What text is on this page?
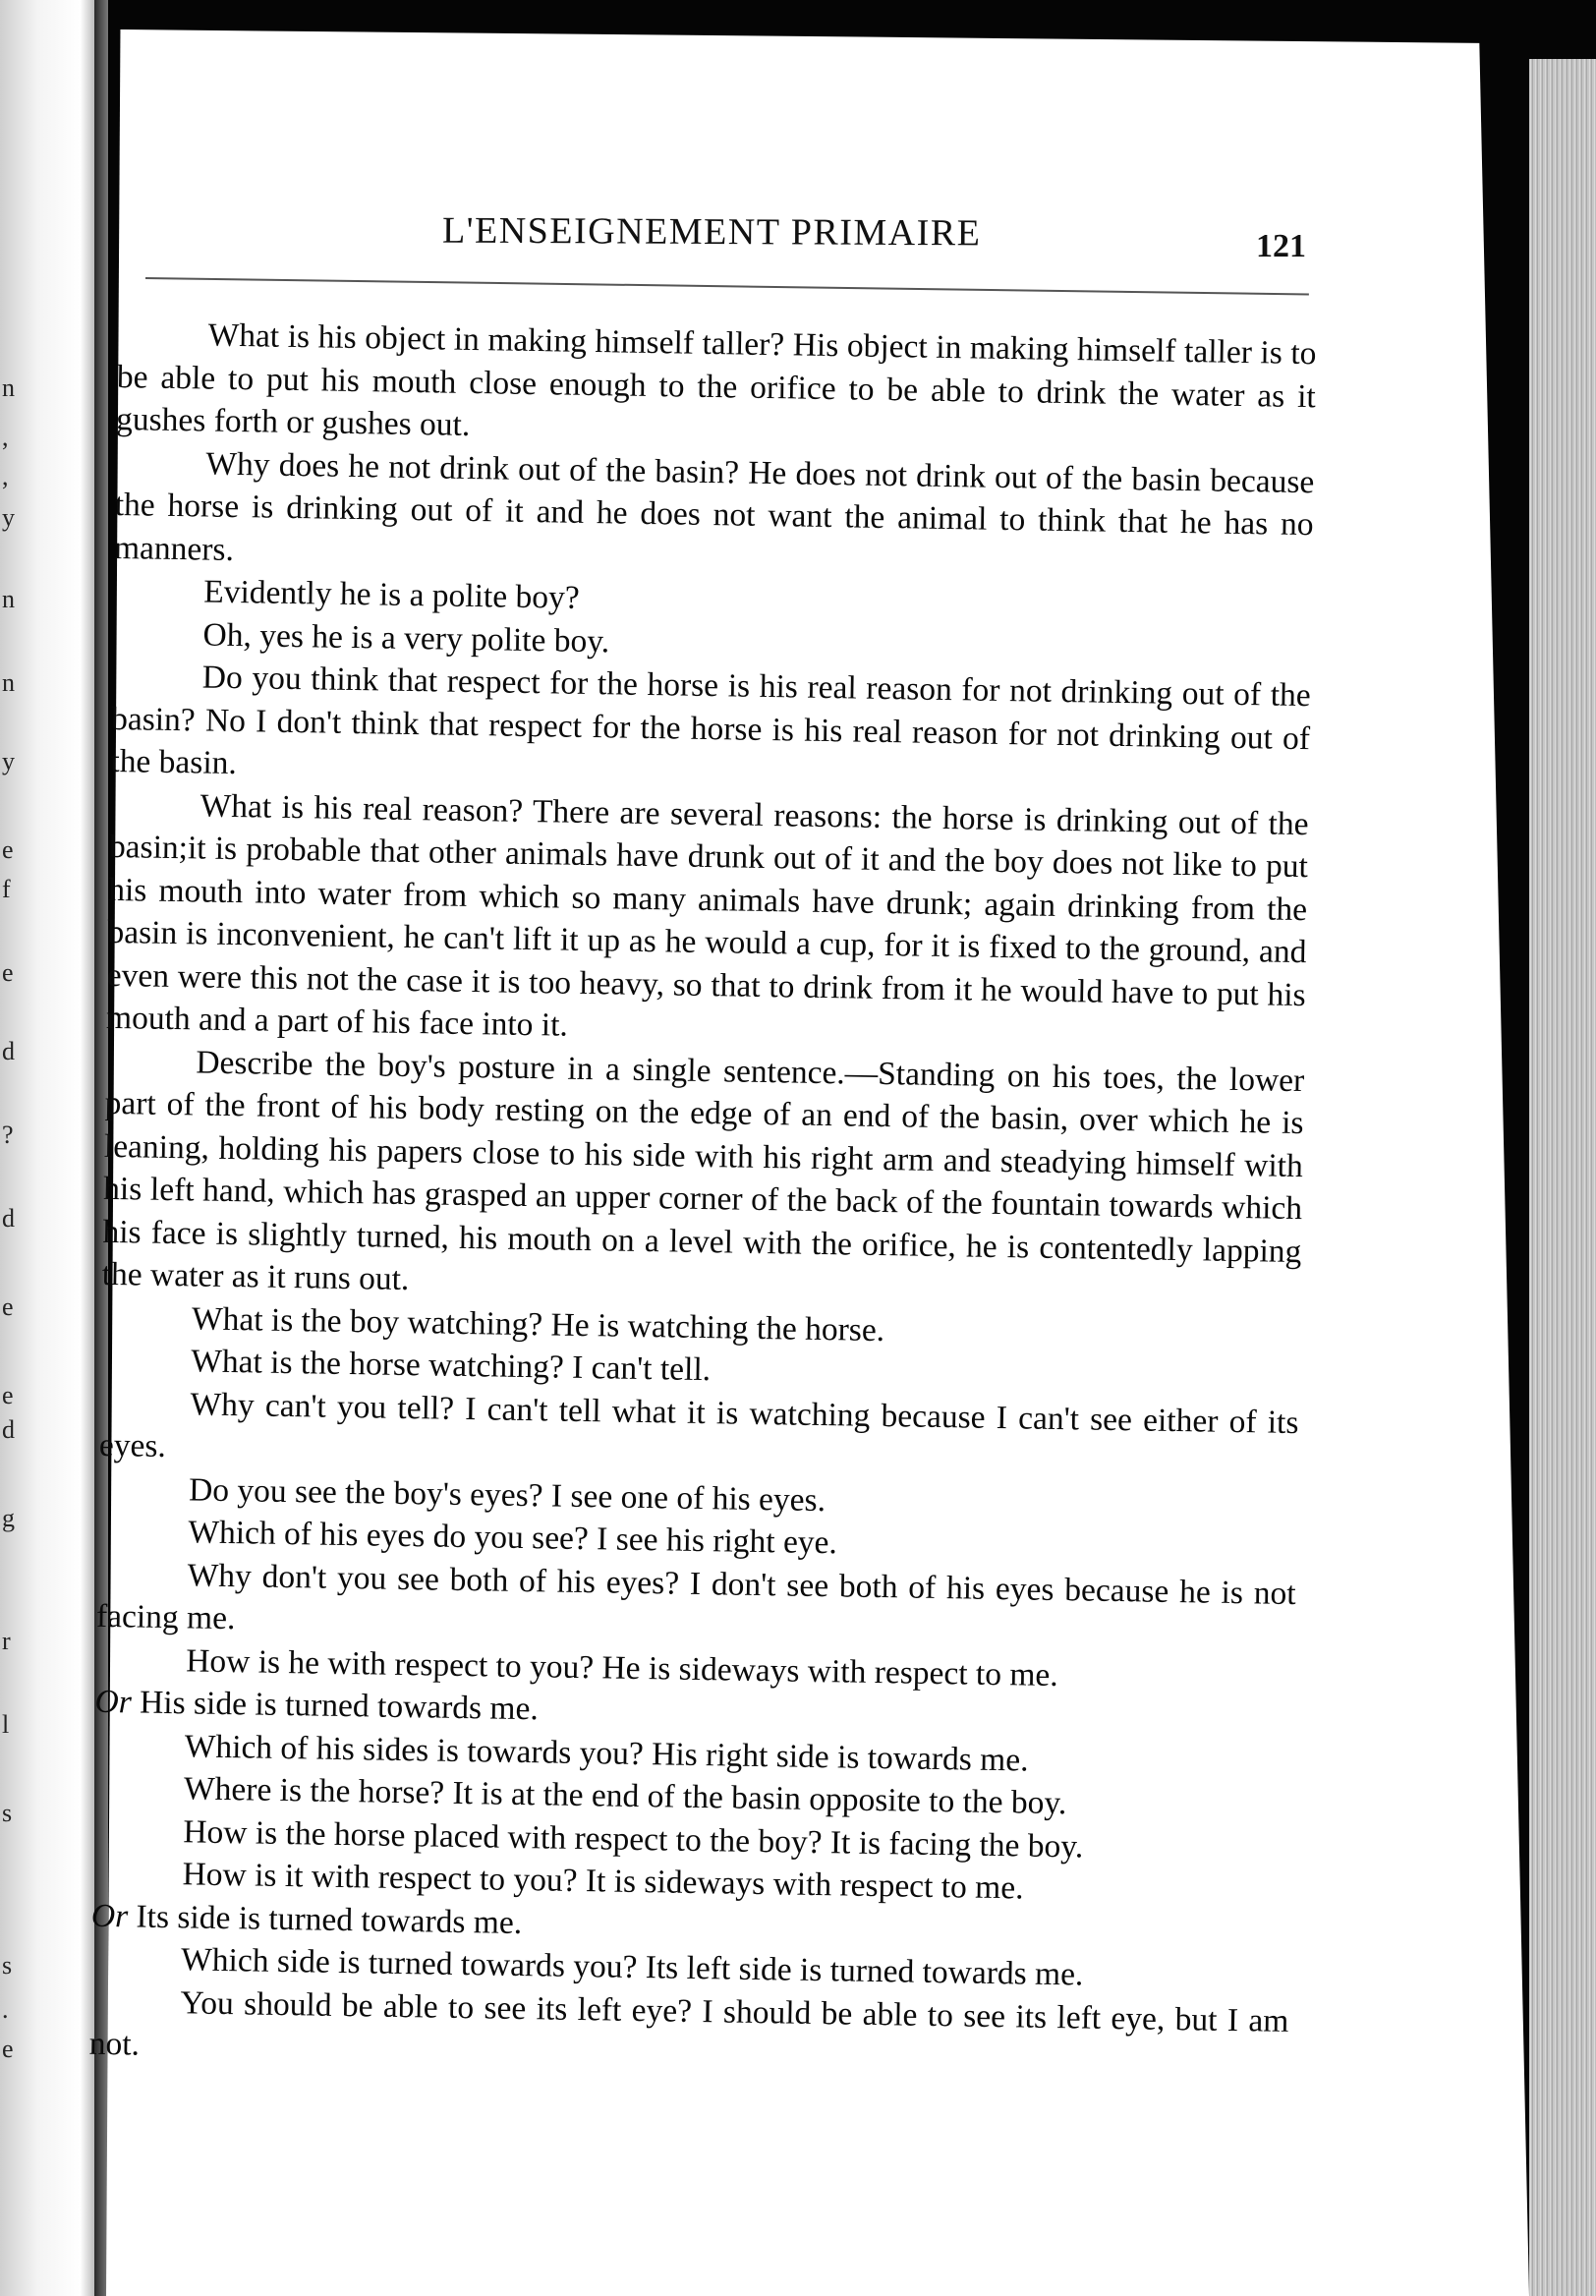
n
,
,
y
n
n
y
e
f
e
d
?
d
e
e
d
g
r
l
s
s
.
e
L'ENSEIGNEMENT PRIMAIRE	121

What is his object in making himself taller? His object in making himself taller is to be able to put his mouth close enough to the orifice to be able to drink the water as it gushes forth or gushes out.

Why does he not drink out of the basin? He does not drink out of the basin because the horse is drinking out of it and he does not want the animal to think that he has no manners.

Evidently he is a polite boy?

Oh, yes he is a very polite boy.

Do you think that respect for the horse is his real reason for not drinking out of the basin? No I don't think that respect for the horse is his real reason for not drinking out of the basin.

What is his real reason? There are several reasons: the horse is drinking out of the basin;it is probable that other animals have drunk out of it and the boy does not like to put his mouth into water from which so many animals have drunk; again drinking from the basin is inconvenient, he can't lift it up as he would a cup, for it is fixed to the ground, and even were this not the case it is too heavy, so that to drink from it he would have to put his mouth and a part of his face into it.

Describe the boy's posture in a single sentence.—Standing on his toes, the lower part of the front of his body resting on the edge of an end of the basin, over which he is leaning, holding his papers close to his side with his right arm and steadying himself with his left hand, which has grasped an upper corner of the back of the fountain towards which his face is slightly turned, his mouth on a level with the orifice, he is contentedly lapping the water as it runs out.

What is the boy watching? He is watching the horse.

What is the horse watching? I can't tell.

Why can't you tell? I can't tell what it is watching because I can't see either of its eyes.

Do you see the boy's eyes? I see one of his eyes.

Which of his eyes do you see? I see his right eye.

Why don't you see both of his eyes? I don't see both of his eyes because he is not facing me.

How is he with respect to you? He is sideways with respect to me.
Or His side is turned towards me.

Which of his sides is towards you? His right side is towards me.

Where is the horse? It is at the end of the basin opposite to the boy.

How is the horse placed with respect to the boy? It is facing the boy.

How is it with respect to you? It is sideways with respect to me.
Or Its side is turned towards me.

Which side is turned towards you? Its left side is turned towards me.

You should be able to see its left eye? I should be able to see its left eye, but I am not.
